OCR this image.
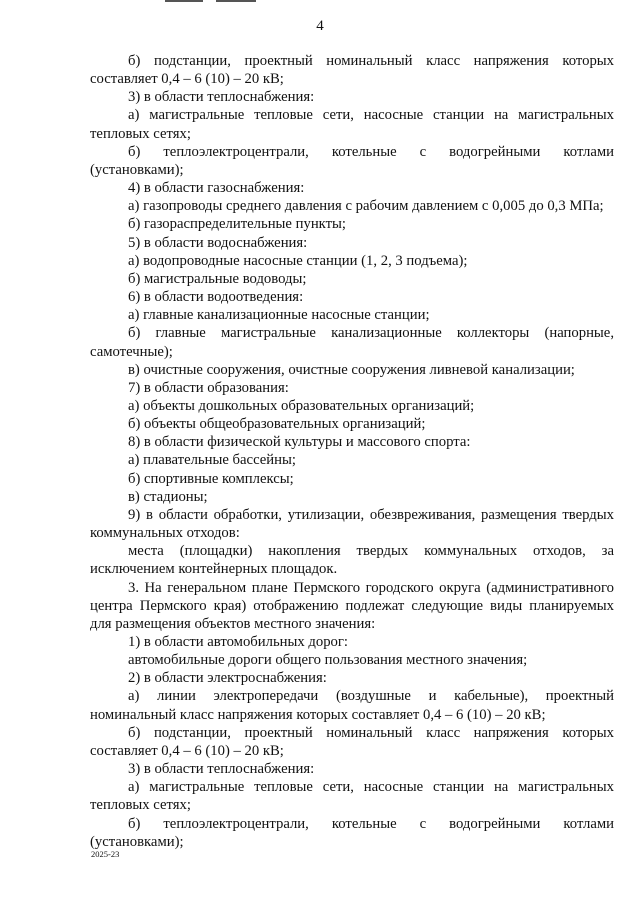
4

б) подстанции, проектный номинальный класс напряжения которых составляет 0,4 – 6 (10) – 20 кВ;

3) в области теплоснабжения:

а) магистральные тепловые сети, насосные станции на магистральных тепловых сетях;

б) теплоэлектроцентрали, котельные с водогрейными котлами (установками);

4) в области газоснабжения:

а) газопроводы среднего давления с рабочим давлением с 0,005 до 0,3 МПа;

б) газораспределительные пункты;

5) в области водоснабжения:

а) водопроводные насосные станции (1, 2, 3 подъема);

б) магистральные водоводы;

6) в области водоотведения:

а) главные канализационные насосные станции;

б) главные магистральные канализационные коллекторы (напорные, самотечные);

в) очистные сооружения, очистные сооружения ливневой канализации;

7) в области образования:

а) объекты дошкольных образовательных организаций;

б) объекты общеобразовательных организаций;

8) в области физической культуры и массового спорта:

а) плавательные бассейны;

б) спортивные комплексы;

в) стадионы;

9) в области обработки, утилизации, обезвреживания, размещения твердых коммунальных отходов:

места (площадки) накопления твердых коммунальных отходов, за исключением контейнерных площадок.

3. На генеральном плане Пермского городского округа (административного центра Пермского края) отображению подлежат следующие виды планируемых для размещения объектов местного значения:

1) в области автомобильных дорог:

автомобильные дороги общего пользования местного значения;

2) в области электроснабжения:

а) линии электропередачи (воздушные и кабельные), проектный номинальный класс напряжения которых составляет 0,4 – 6 (10) – 20 кВ;

б) подстанции, проектный номинальный класс напряжения которых составляет 0,4 – 6 (10) – 20 кВ;

3) в области теплоснабжения:

а) магистральные тепловые сети, насосные станции на магистральных тепловых сетях;

б) теплоэлектроцентрали, котельные с водогрейными котлами (установками);

2025-23
